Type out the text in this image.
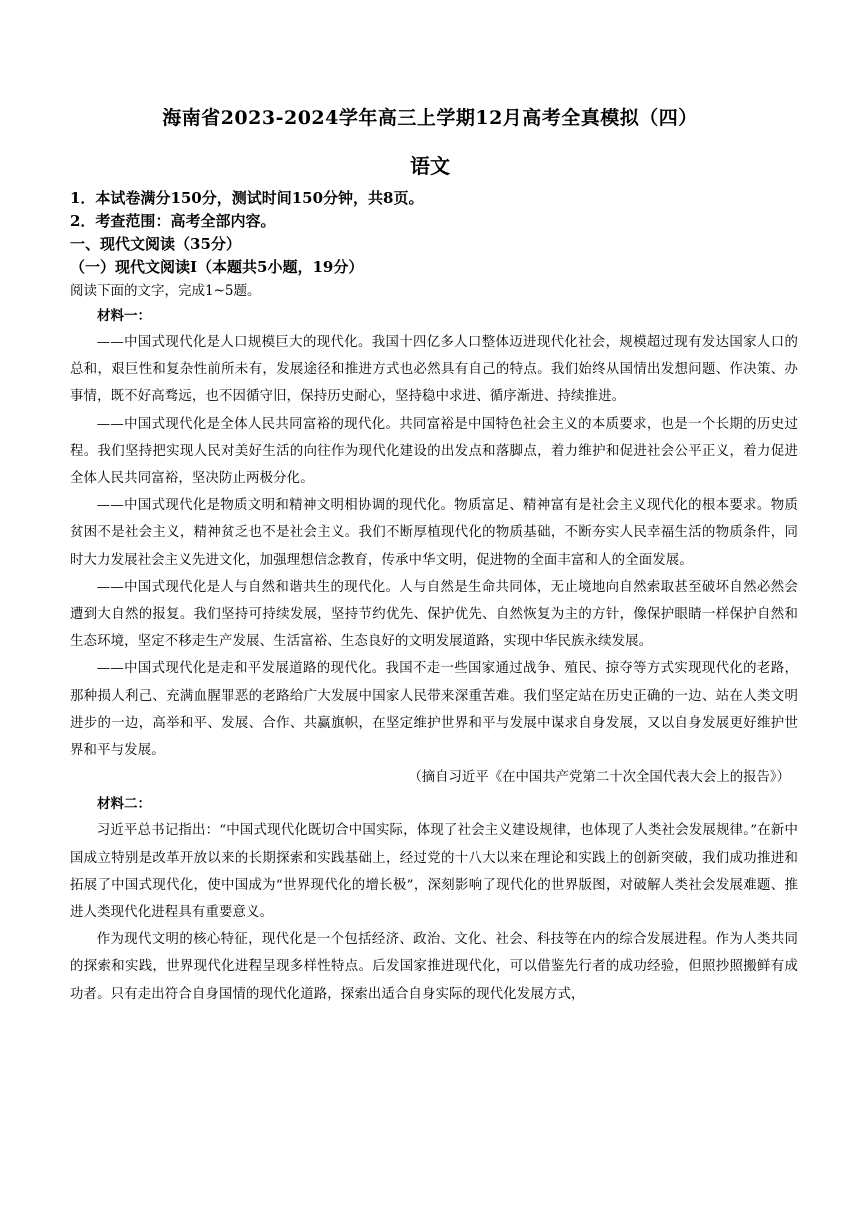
海南省2023-2024学年高三上学期12月高考全真模拟（四）
语文

1．本试卷满分150分，测试时间150分钟，共8页。

2．考查范围：高考全部内容。

一、现代文阅读（35分）

（一）现代文阅读Ⅰ（本题共5小题，19分）

阅读下面的文字，完成1~5题。

材料一：

——中国式现代化是人口规模巨大的现代化。我国十四亿多人口整体迈进现代化社会，规模超过现有发达国家人口的总和，艰巨性和复杂性前所未有，发展途径和推进方式也必然具有自己的特点。我们始终从国情出发想问题、作决策、办事情，既不好高骛远，也不因循守旧，保持历史耐心，坚持稳中求进、循序渐进、持续推进。

——中国式现代化是全体人民共同富裕的现代化。共同富裕是中国特色社会主义的本质要求，也是一个长期的历史过程。我们坚持把实现人民对美好生活的向往作为现代化建设的出发点和落脚点，着力维护和促进社会公平正义，着力促进全体人民共同富裕，坚决防止两极分化。

——中国式现代化是物质文明和精神文明相协调的现代化。物质富足、精神富有是社会主义现代化的根本要求。物质贫困不是社会主义，精神贫乏也不是社会主义。我们不断厚植现代化的物质基础，不断夯实人民幸福生活的物质条件，同时大力发展社会主义先进文化，加强理想信念教育，传承中华文明，促进物的全面丰富和人的全面发展。

——中国式现代化是人与自然和谐共生的现代化。人与自然是生命共同体，无止境地向自然索取甚至破坏自然必然会遭到大自然的报复。我们坚持可持续发展，坚持节约优先、保护优先、自然恢复为主的方针，像保护眼睛一样保护自然和生态环境，坚定不移走生产发展、生活富裕、生态良好的文明发展道路，实现中华民族永续发展。

——中国式现代化是走和平发展道路的现代化。我国不走一些国家通过战争、殖民、掠夺等方式实现现代化的老路，那种损人利己、充满血腥罪恶的老路给广大发展中国家人民带来深重苦难。我们坚定站在历史正确的一边、站在人类文明进步的一边，高举和平、发展、合作、共赢旗帜，在坚定维护世界和平与发展中谋求自身发展，又以自身发展更好维护世界和平与发展。

（摘自习近平《在中国共产党第二十次全国代表大会上的报告》）

材料二：

习近平总书记指出：“中国式现代化既切合中国实际，体现了社会主义建设规律，也体现了人类社会发展规律。”在新中国成立特别是改革开放以来的长期探索和实践基础上，经过党的十八大以来在理论和实践上的创新突破，我们成功推进和拓展了中国式现代化，使中国成为“世界现代化的增长极”，深刻影响了现代化的世界版图，对破解人类社会发展难题、推进人类现代化进程具有重要意义。

作为现代文明的核心特征，现代化是一个包括经济、政治、文化、社会、科技等在内的综合发展进程。作为人类共同的探索和实践，世界现代化进程呈现多样性特点。后发国家推进现代化，可以借鉴先行者的成功经验，但照抄照搬鲜有成功者。只有走出符合自身国情的现代化道路，探索出适合自身实际的现代化发展方式，
